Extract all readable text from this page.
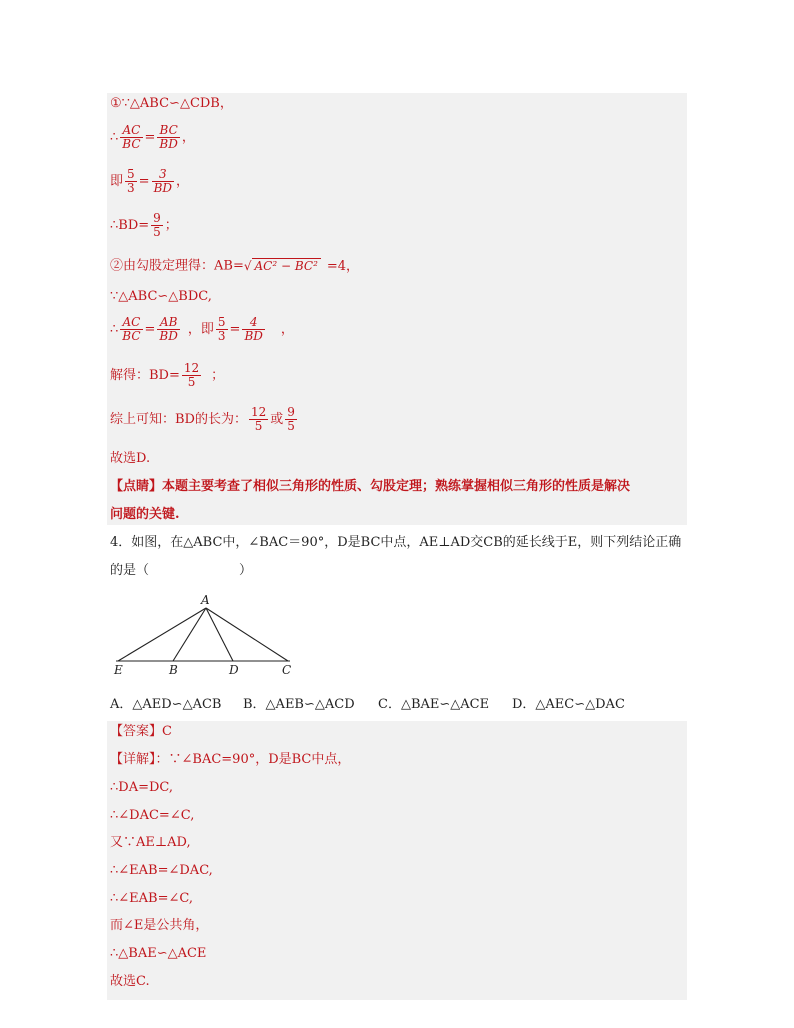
①∵△ABC∽△CDB，
∴ $\frac{AC}{BC} = \frac{BC}{BD}$ ，
即 $\frac{5}{3} = \frac{3}{BD}$ ，
∴BD= $\frac{9}{5}$ ；
②由勾股定理得：AB=√ AC² − BC² =4，
∵△ABC∽△BDC,
∴ $\frac{AC}{BC} = \frac{AB}{BD}$ ，即 $\frac{5}{3} = \frac{4}{BD}$ ，
解得：$BD= \frac{12}{5}$ ；
综上可知：BD的长为： $\frac{12}{5}$ 或 $\frac{9}{5}$
故选D.
【点睛】本题主要考查了相似三角形的性质、勾股定理；熟练掌握相似三角形的性质是解决
问题的关键.
4．如图，在△ABC中，∠BAC＝90°，D是BC中点，AE⊥AD交CB的延长线于E，则下列结论正确
的是（	）
A
E	B	D	C
A．△AED∽△ACB B．△AEB∽△ACD C．△BAE∽△ACE D．△AEC∽△DAC
【答案】C
【详解】：∵∠BAC=90°，D是BC中点，
∴DA=DC,
∴∠DAC=∠C,
又∵AE⊥AD,
∴∠EAB=∠DAC,
∴∠EAB=∠C,
而∠E是公共角，
∴△BAE∽△ACE
故选C.
